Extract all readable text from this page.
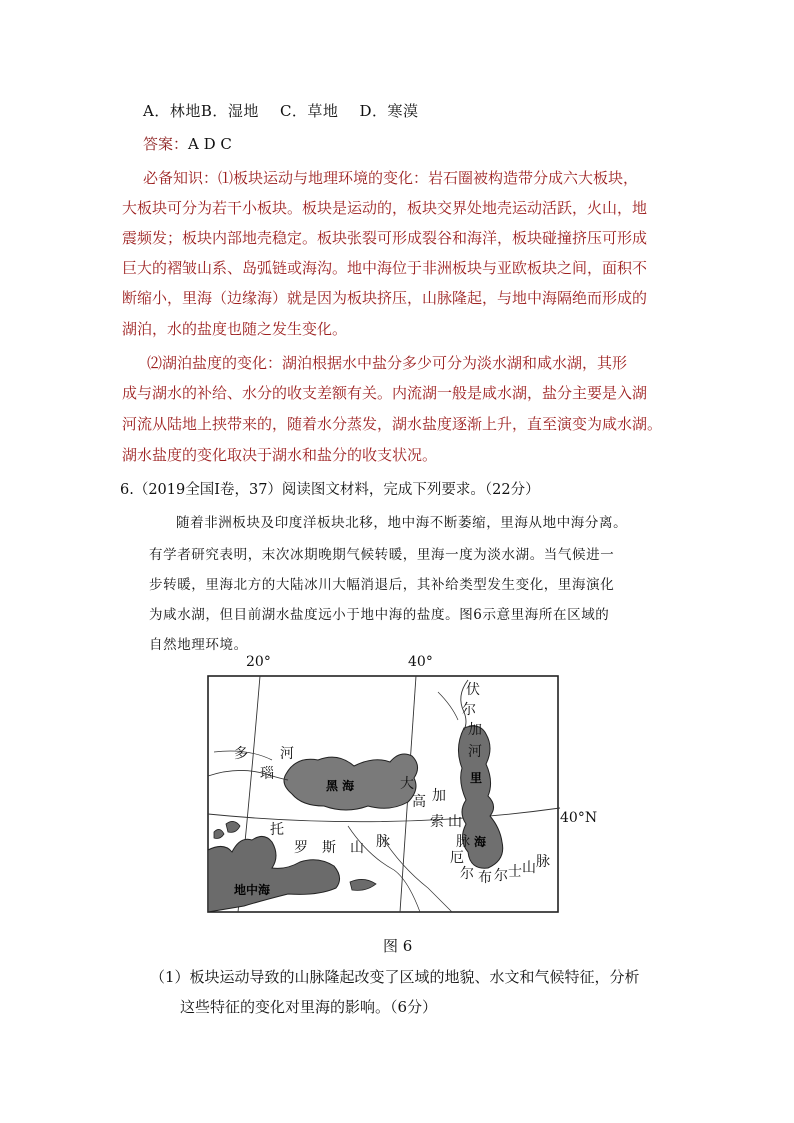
A．林地B．湿地 C．草地 D．寒漠
答案：A D C
必备知识：⑴板块运动与地理环境的变化：岩石圈被构造带分成六大板块，
大板块可分为若干小板块。板块是运动的，板块交界处地壳运动活跃，火山，地
震频发；板块内部地壳稳定。板块张裂可形成裂谷和海洋，板块碰撞挤压可形成
巨大的褶皱山系、岛弧链或海沟。地中海位于非洲板块与亚欧板块之间，面积不
断缩小，里海（边缘海）就是因为板块挤压，山脉隆起，与地中海隔绝而形成的
湖泊，水的盐度也随之发生变化。
⑵湖泊盐度的变化：湖泊根据水中盐分多少可分为淡水湖和咸水湖，其形
成与湖水的补给、水分的收支差额有关。内流湖一般是咸水湖，盐分主要是入湖
河流从陆地上挟带来的，随着水分蒸发，湖水盐度逐渐上升，直至演变为咸水湖。
湖水盐度的变化取决于湖水和盐分的收支状况。
6.（2019全国Ⅰ卷，37）阅读图文材料，完成下列要求。（22分）
随着非洲板块及印度洋板块北移，地中海不断萎缩，里海从地中海分离。
有学者研究表明，末次冰期晚期气候转暖，里海一度为淡水湖。当气候进一
步转暖，里海北方的大陆冰川大幅消退后，其补给类型发生变化，里海演化
为咸水湖，但目前湖水盐度远小于地中海的盐度。图6示意里海所在区域的
自然地理环境。
20°	40°
40°N
黑 海
里
海
地中海
多
瑙
河
伏
尔
加
河
大
高 加
索 山
脉
托
罗 斯 山 脉
厄
尔 布 尔 士 山 脉
图 6
（1）板块运动导致的山脉隆起改变了区域的地貌、水文和气候特征，分析
这些特征的变化对里海的影响。（6分）
